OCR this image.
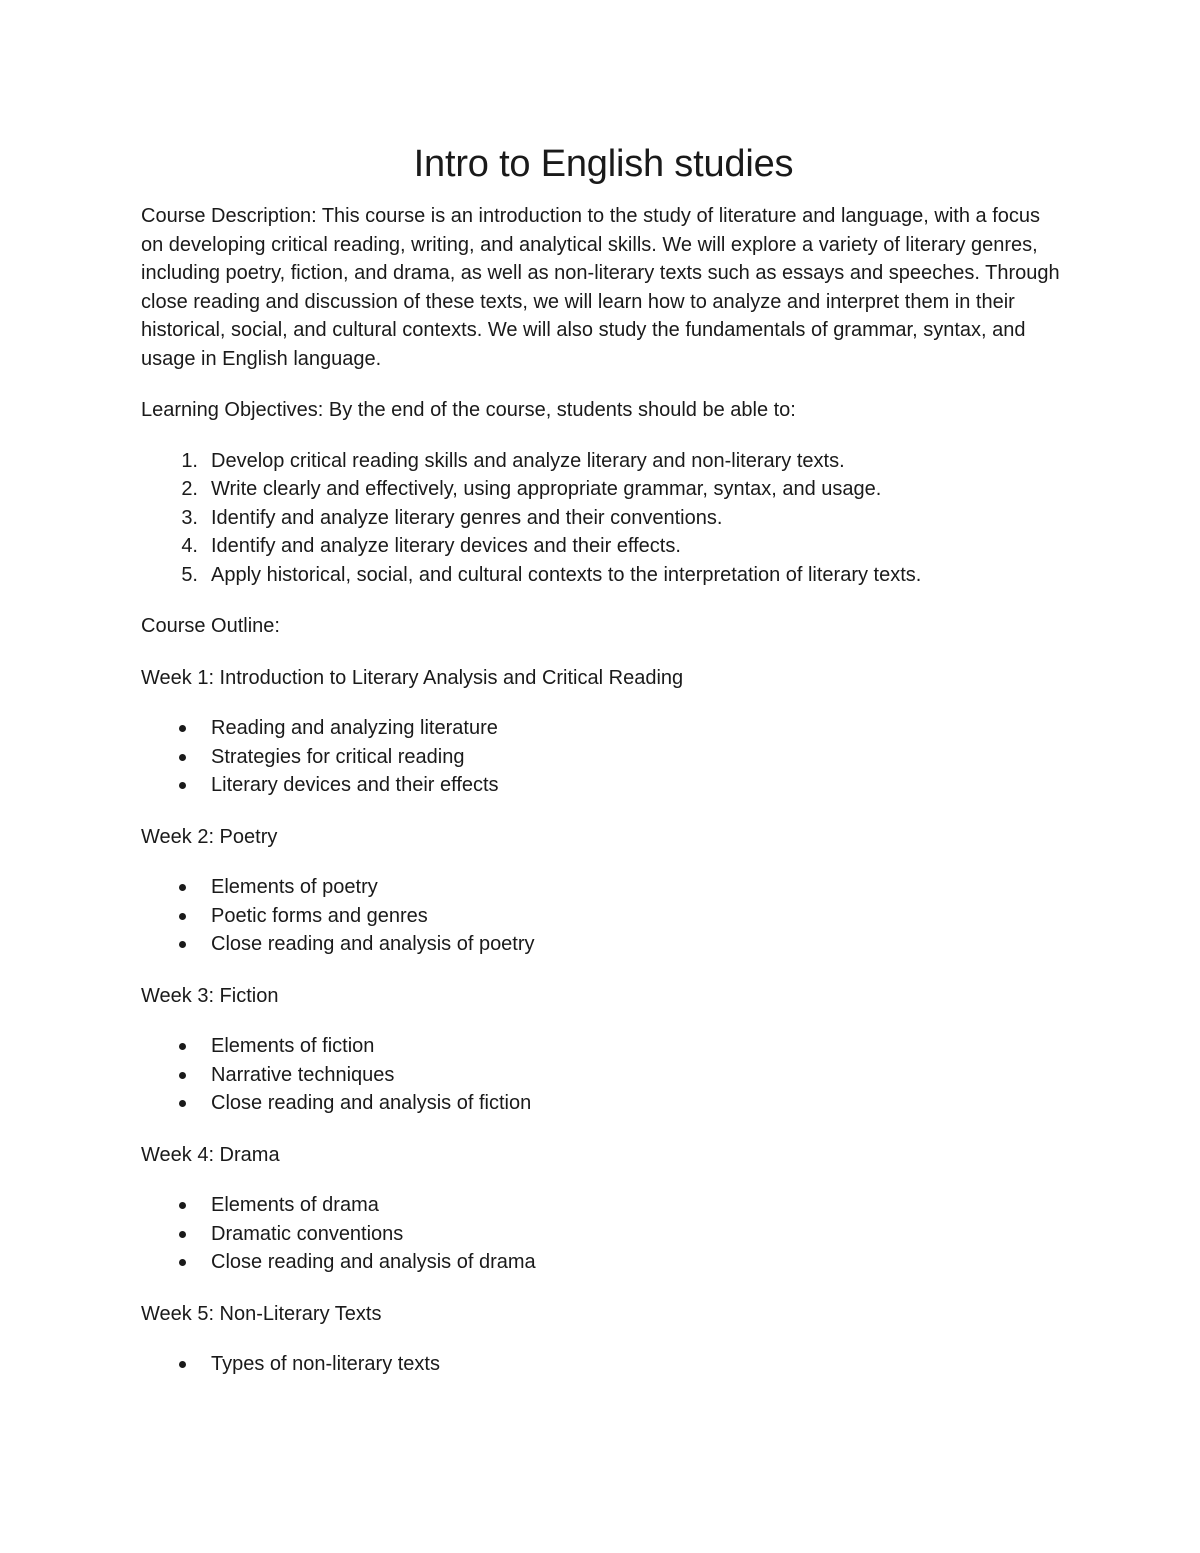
Intro to English studies

Course Description: This course is an introduction to the study of literature and language, with a focus on developing critical reading, writing, and analytical skills. We will explore a variety of literary genres, including poetry, fiction, and drama, as well as non-literary texts such as essays and speeches. Through close reading and discussion of these texts, we will learn how to analyze and interpret them in their historical, social, and cultural contexts. We will also study the fundamentals of grammar, syntax, and usage in English language.

Learning Objectives: By the end of the course, students should be able to:

1. Develop critical reading skills and analyze literary and non-literary texts.
2. Write clearly and effectively, using appropriate grammar, syntax, and usage.
3. Identify and analyze literary genres and their conventions.
4. Identify and analyze literary devices and their effects.
5. Apply historical, social, and cultural contexts to the interpretation of literary texts.

Course Outline:

Week 1: Introduction to Literary Analysis and Critical Reading

Reading and analyzing literature
Strategies for critical reading
Literary devices and their effects

Week 2: Poetry

Elements of poetry
Poetic forms and genres
Close reading and analysis of poetry

Week 3: Fiction

Elements of fiction
Narrative techniques
Close reading and analysis of fiction

Week 4: Drama

Elements of drama
Dramatic conventions
Close reading and analysis of drama

Week 5: Non-Literary Texts

Types of non-literary texts
